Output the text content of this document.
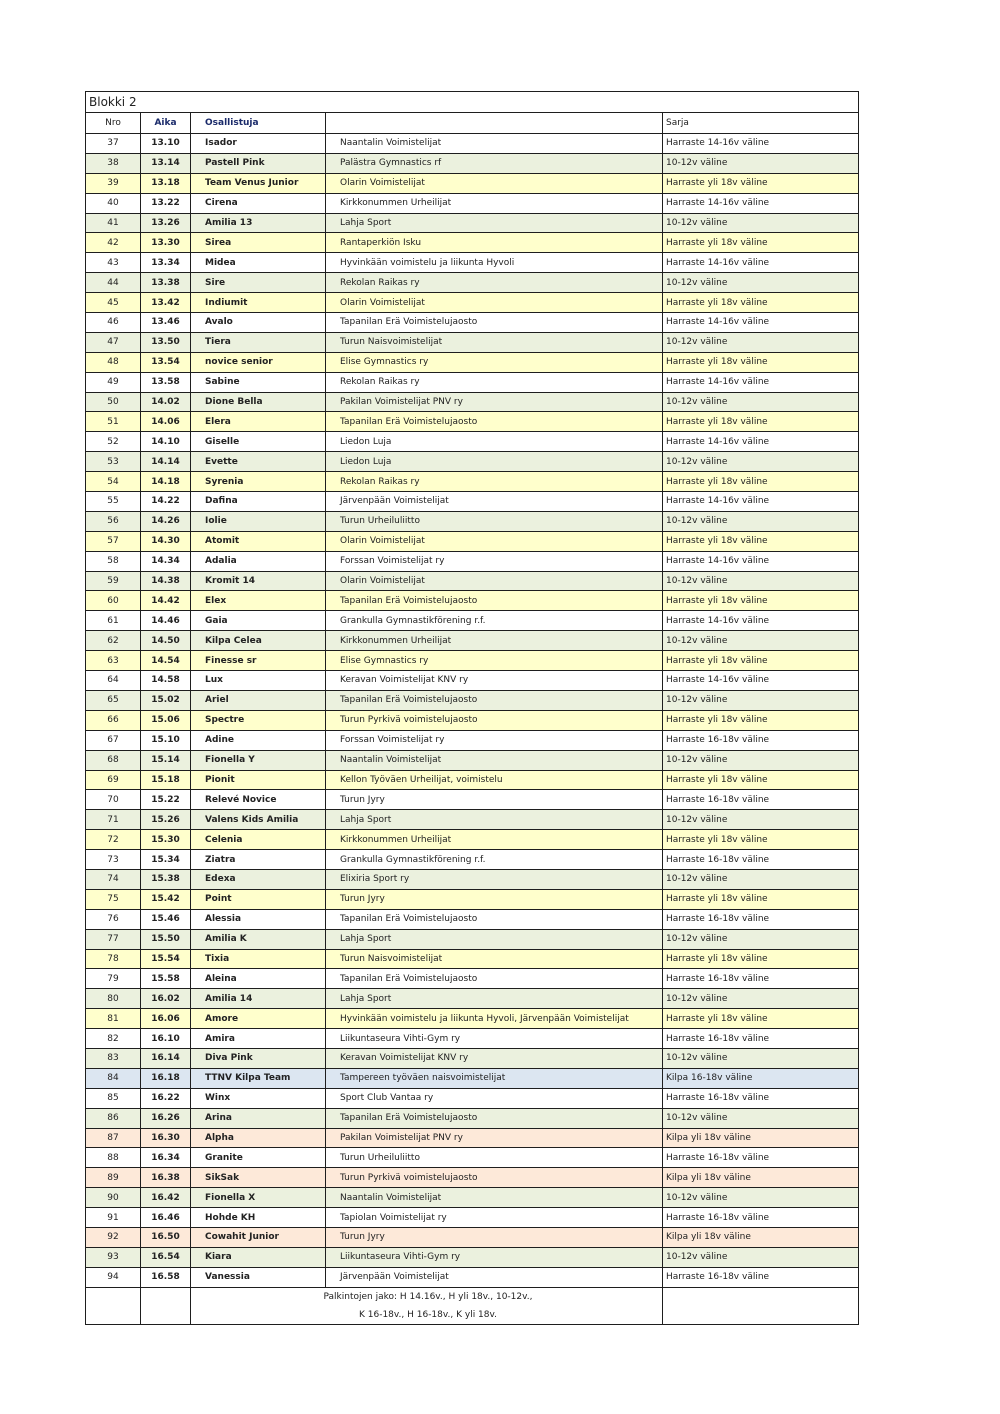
Blokki 2				
Nro	Aika	Osallistuja		Sarja
37	13.10	Isador	Naantalin Voimistelijat	Harraste 14-16v väline
38	13.14	Pastell Pink	Palästra Gymnastics rf	10-12v väline
39	13.18	Team Venus Junior	Olarin Voimistelijat	Harraste yli 18v väline
40	13.22	Cirena	Kirkkonummen Urheilijat	Harraste 14-16v väline
41	13.26	Amilia 13	Lahja Sport	10-12v väline
42	13.30	Sirea	Rantaperkiön Isku	Harraste yli 18v väline
43	13.34	Midea	Hyvinkään voimistelu ja liikunta Hyvoli	Harraste 14-16v väline
44	13.38	Sire	Rekolan Raikas ry	10-12v väline
45	13.42	Indiumit	Olarin Voimistelijat	Harraste yli 18v väline
46	13.46	Avalo	Tapanilan Erä Voimistelujaosto	Harraste 14-16v väline
47	13.50	Tiera	Turun Naisvoimistelijat	10-12v väline
48	13.54	novice senior	Elise Gymnastics ry	Harraste yli 18v väline
49	13.58	Sabine	Rekolan Raikas ry	Harraste 14-16v väline
50	14.02	Dione Bella	Pakilan Voimistelijat PNV ry	10-12v väline
51	14.06	Elera	Tapanilan Erä Voimistelujaosto	Harraste yli 18v väline
52	14.10	Giselle	Liedon Luja	Harraste 14-16v väline
53	14.14	Evette	Liedon Luja	10-12v väline
54	14.18	Syrenia	Rekolan Raikas ry	Harraste yli 18v väline
55	14.22	Dafina	Järvenpään Voimistelijat	Harraste 14-16v väline
56	14.26	Iolie	Turun Urheiluliitto	10-12v väline
57	14.30	Atomit	Olarin Voimistelijat	Harraste yli 18v väline
58	14.34	Adalia	Forssan Voimistelijat ry	Harraste 14-16v väline
59	14.38	Kromit 14	Olarin Voimistelijat	10-12v väline
60	14.42	Elex	Tapanilan Erä Voimistelujaosto	Harraste yli 18v väline
61	14.46	Gaia	Grankulla Gymnastikförening r.f.	Harraste 14-16v väline
62	14.50	Kilpa Celea	Kirkkonummen Urheilijat	10-12v väline
63	14.54	Finesse sr	Elise Gymnastics ry	Harraste yli 18v väline
64	14.58	Lux	Keravan Voimistelijat KNV ry	Harraste 14-16v väline
65	15.02	Ariel	Tapanilan Erä Voimistelujaosto	10-12v väline
66	15.06	Spectre	Turun Pyrkivä voimistelujaosto	Harraste yli 18v väline
67	15.10	Adine	Forssan Voimistelijat ry	Harraste 16-18v väline
68	15.14	Fionella Y	Naantalin Voimistelijat	10-12v väline
69	15.18	Pionit	Kellon Työväen Urheilijat, voimistelu	Harraste yli 18v väline
70	15.22	Relevé Novice	Turun Jyry	Harraste 16-18v väline
71	15.26	Valens Kids Amilia	Lahja Sport	10-12v väline
72	15.30	Celenia	Kirkkonummen Urheilijat	Harraste yli 18v väline
73	15.34	Ziatra	Grankulla Gymnastikförening r.f.	Harraste 16-18v väline
74	15.38	Edexa	Elixiria Sport ry	10-12v väline
75	15.42	Point	Turun Jyry	Harraste yli 18v väline
76	15.46	Alessia	Tapanilan Erä Voimistelujaosto	Harraste 16-18v väline
77	15.50	Amilia K	Lahja Sport	10-12v väline
78	15.54	Tixia	Turun Naisvoimistelijat	Harraste yli 18v väline
79	15.58	Aleina	Tapanilan Erä Voimistelujaosto	Harraste 16-18v väline
80	16.02	Amilia 14	Lahja Sport	10-12v väline
81	16.06	Amore	Hyvinkään voimistelu ja liikunta Hyvoli, Järvenpään Voimistelijat	Harraste yli 18v väline
82	16.10	Amira	Liikuntaseura Vihti-Gym ry	Harraste 16-18v väline
83	16.14	Diva Pink	Keravan Voimistelijat KNV ry	10-12v väline
84	16.18	TTNV Kilpa Team	Tampereen työväen naisvoimistelijat	Kilpa 16-18v väline
85	16.22	Winx	Sport Club Vantaa ry	Harraste 16-18v väline
86	16.26	Arina	Tapanilan Erä Voimistelujaosto	10-12v väline
87	16.30	Alpha	Pakilan Voimistelijat PNV ry	Kilpa yli 18v väline
88	16.34	Granite	Turun Urheiluliitto	Harraste 16-18v väline
89	16.38	SikSak	Turun Pyrkivä voimistelujaosto	Kilpa yli 18v väline
90	16.42	Fionella X	Naantalin Voimistelijat	10-12v väline
91	16.46	Hohde KH	Tapiolan Voimistelijat ry	Harraste 16-18v väline
92	16.50	Cowahit Junior	Turun Jyry	Kilpa yli 18v väline
93	16.54	Kiara	Liikuntaseura Vihti-Gym ry	10-12v väline
94	16.58	Vanessia	Järvenpään Voimistelijat	Harraste 16-18v väline

		Palkintojen jako: H 14.16v., H yli 18v., 10-12v.,
K 16-18v., H 16-18v., K yli 18v.		
